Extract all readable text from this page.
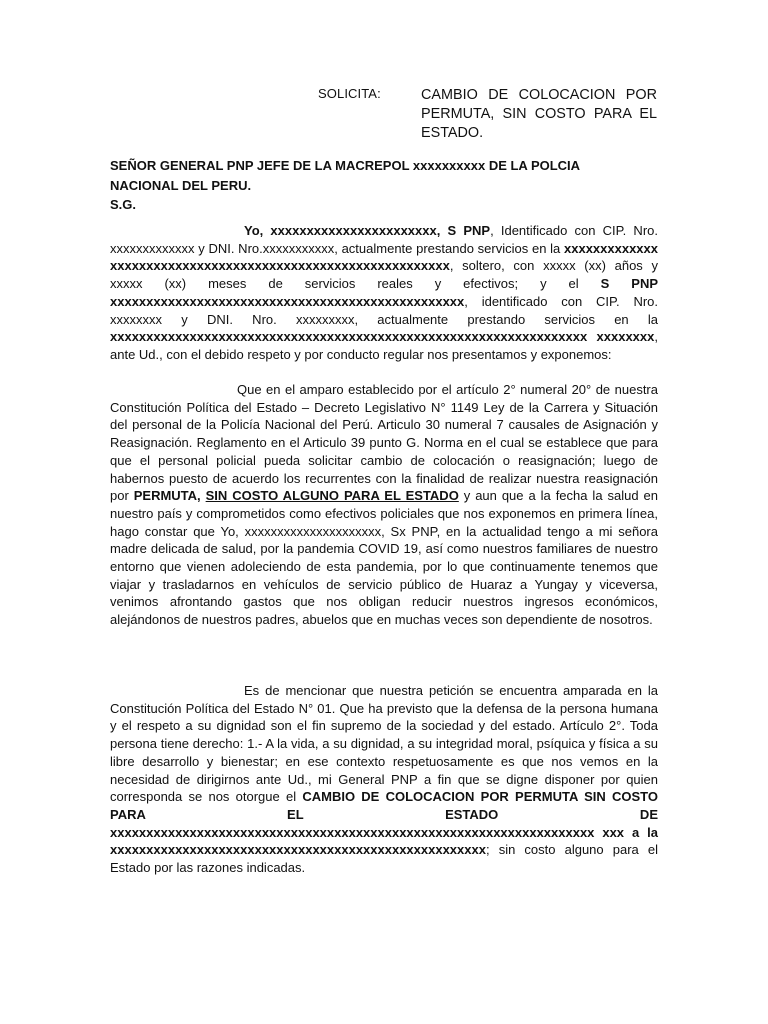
SOLICITA:	CAMBIO DE COLOCACION POR PERMUTA, SIN COSTO PARA EL ESTADO.
SEÑOR GENERAL PNP JEFE DE LA MACREPOL xxxxxxxxxx DE LA POLCIA
NACIONAL DEL PERU.
S.G.
Yo, xxxxxxxxxxxxxxxxxxxxxxx, S PNP, Identificado con CIP. Nro. xxxxxxxxxxxxx y DNI. Nro.xxxxxxxxxxx, actualmente prestando servicios en la xxxxxxxxxxxxxxxxxxxxxxxxxxxxxxxxxxxxxxxxxxxxxxxxxxxxxxxxxxxx, soltero, con xxxxx (xx) años y xxxxx (xx) meses de servicios reales y efectivos; y el S PNP xxxxxxxxxxxxxxxxxxxxxxxxxxxxxxxxxxxxxxxxxxxxxxxxx, identificado con CIP. Nro. xxxxxxxx y DNI. Nro. xxxxxxxxx, actualmente prestando servicios en la xxxxxxxxxxxxxxxxxxxxxxxxxxxxxxxxxxxxxxxxxxxxxxxxxxxxxxxxxxxxxxxxxx xxxxxxxx, ante Ud., con el debido respeto y por conducto regular nos presentamos y exponemos:
Que en el amparo establecido por el artículo 2° numeral 20° de nuestra Constitución Política del Estado – Decreto Legislativo N° 1149 Ley de la Carrera y Situación del personal de la Policía Nacional del Perú. Articulo 30 numeral 7 causales de Asignación y Reasignación. Reglamento en el Articulo 39 punto G. Norma en el cual se establece que para que el personal policial pueda solicitar cambio de colocación o reasignación; luego de habernos puesto de acuerdo los recurrentes con la finalidad de realizar nuestra reasignación por PERMUTA, SIN COSTO ALGUNO PARA EL ESTADO y aun que a la fecha la salud en nuestro país y comprometidos como efectivos policiales que nos exponemos en primera línea, hago constar que Yo, xxxxxxxxxxxxxxxxxxxxx, Sx PNP, en la actualidad tengo a mi señora madre delicada de salud, por la pandemia COVID 19, así como nuestros familiares de nuestro entorno que vienen adoleciendo de esta pandemia, por lo que continuamente tenemos que viajar y trasladarnos en vehículos de servicio público de Huaraz a Yungay y viceversa, venimos afrontando gastos que nos obligan reducir nuestros ingresos económicos, alejándonos de nuestros padres, abuelos que en muchas veces son dependiente de nosotros.
Es de mencionar que nuestra petición se encuentra amparada en la Constitución Política del Estado N° 01. Que ha previsto que la defensa de la persona humana y el respeto a su dignidad son el fin supremo de la sociedad y del estado. Artículo 2°. Toda persona tiene derecho: 1.- A la vida, a su dignidad, a su integridad moral, psíquica y física a su libre desarrollo y bienestar; en ese contexto respetuosamente es que nos vemos en la necesidad de dirigirnos ante Ud., mi General PNP a fin que se digne disponer por quien corresponda se nos otorgue el CAMBIO DE COLOCACION POR PERMUTA SIN COSTO PARA EL ESTADO DE xxxxxxxxxxxxxxxxxxxxxxxxxxxxxxxxxxxxxxxxxxxxxxxxxxxxxxxxxxxxxxxxxxx xxx a la xxxxxxxxxxxxxxxxxxxxxxxxxxxxxxxxxxxxxxxxxxxxxxxxxxxx; sin costo alguno para el Estado por las razones indicadas.
